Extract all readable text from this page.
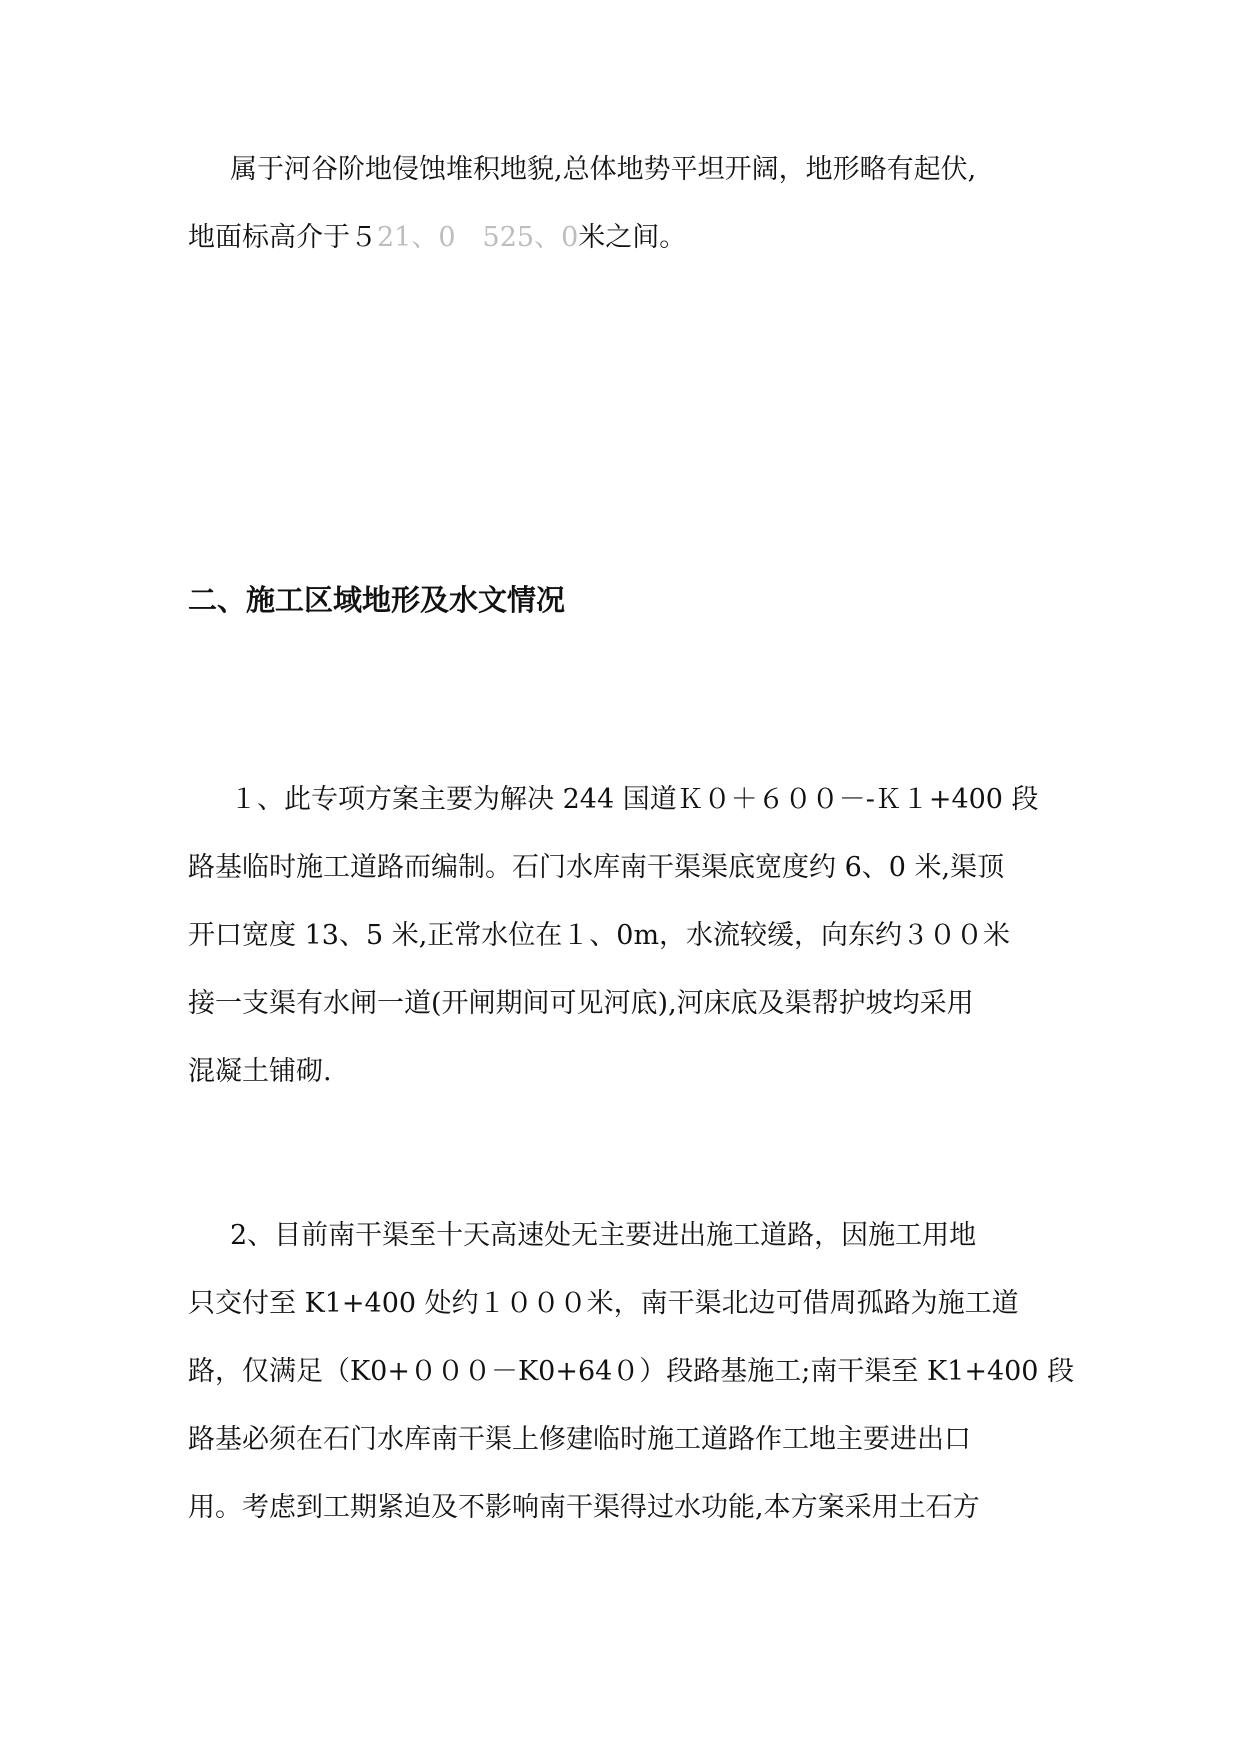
属于河谷阶地侵蚀堆积地貌,总体地势平坦开阔，地形略有起伏,
地面标高介于５21、0　525、0米之间。
二、施工区域地形及水文情况
１、此专项方案主要为解决 244 国道Ｋ０＋６００－-Ｋ１+400 段
路基临时施工道路而编制。石门水库南干渠渠底宽度约 6、0 米,渠顶
开口宽度 13、5 米,正常水位在１、0m，水流较缓，向东约３００米
接一支渠有水闸一道(开闸期间可见河底),河床底及渠帮护坡均采用
混凝土铺砌.
2、目前南干渠至十天高速处无主要进出施工道路，因施工用地
只交付至 K1+400 处约１０００米，南干渠北边可借周孤路为施工道
路，仅满足（K0+０００－K0+64０）段路基施工;南干渠至 K1+400 段
路基必须在石门水库南干渠上修建临时施工道路作工地主要进出口
用。考虑到工期紧迫及不影响南干渠得过水功能,本方案采用土石方
